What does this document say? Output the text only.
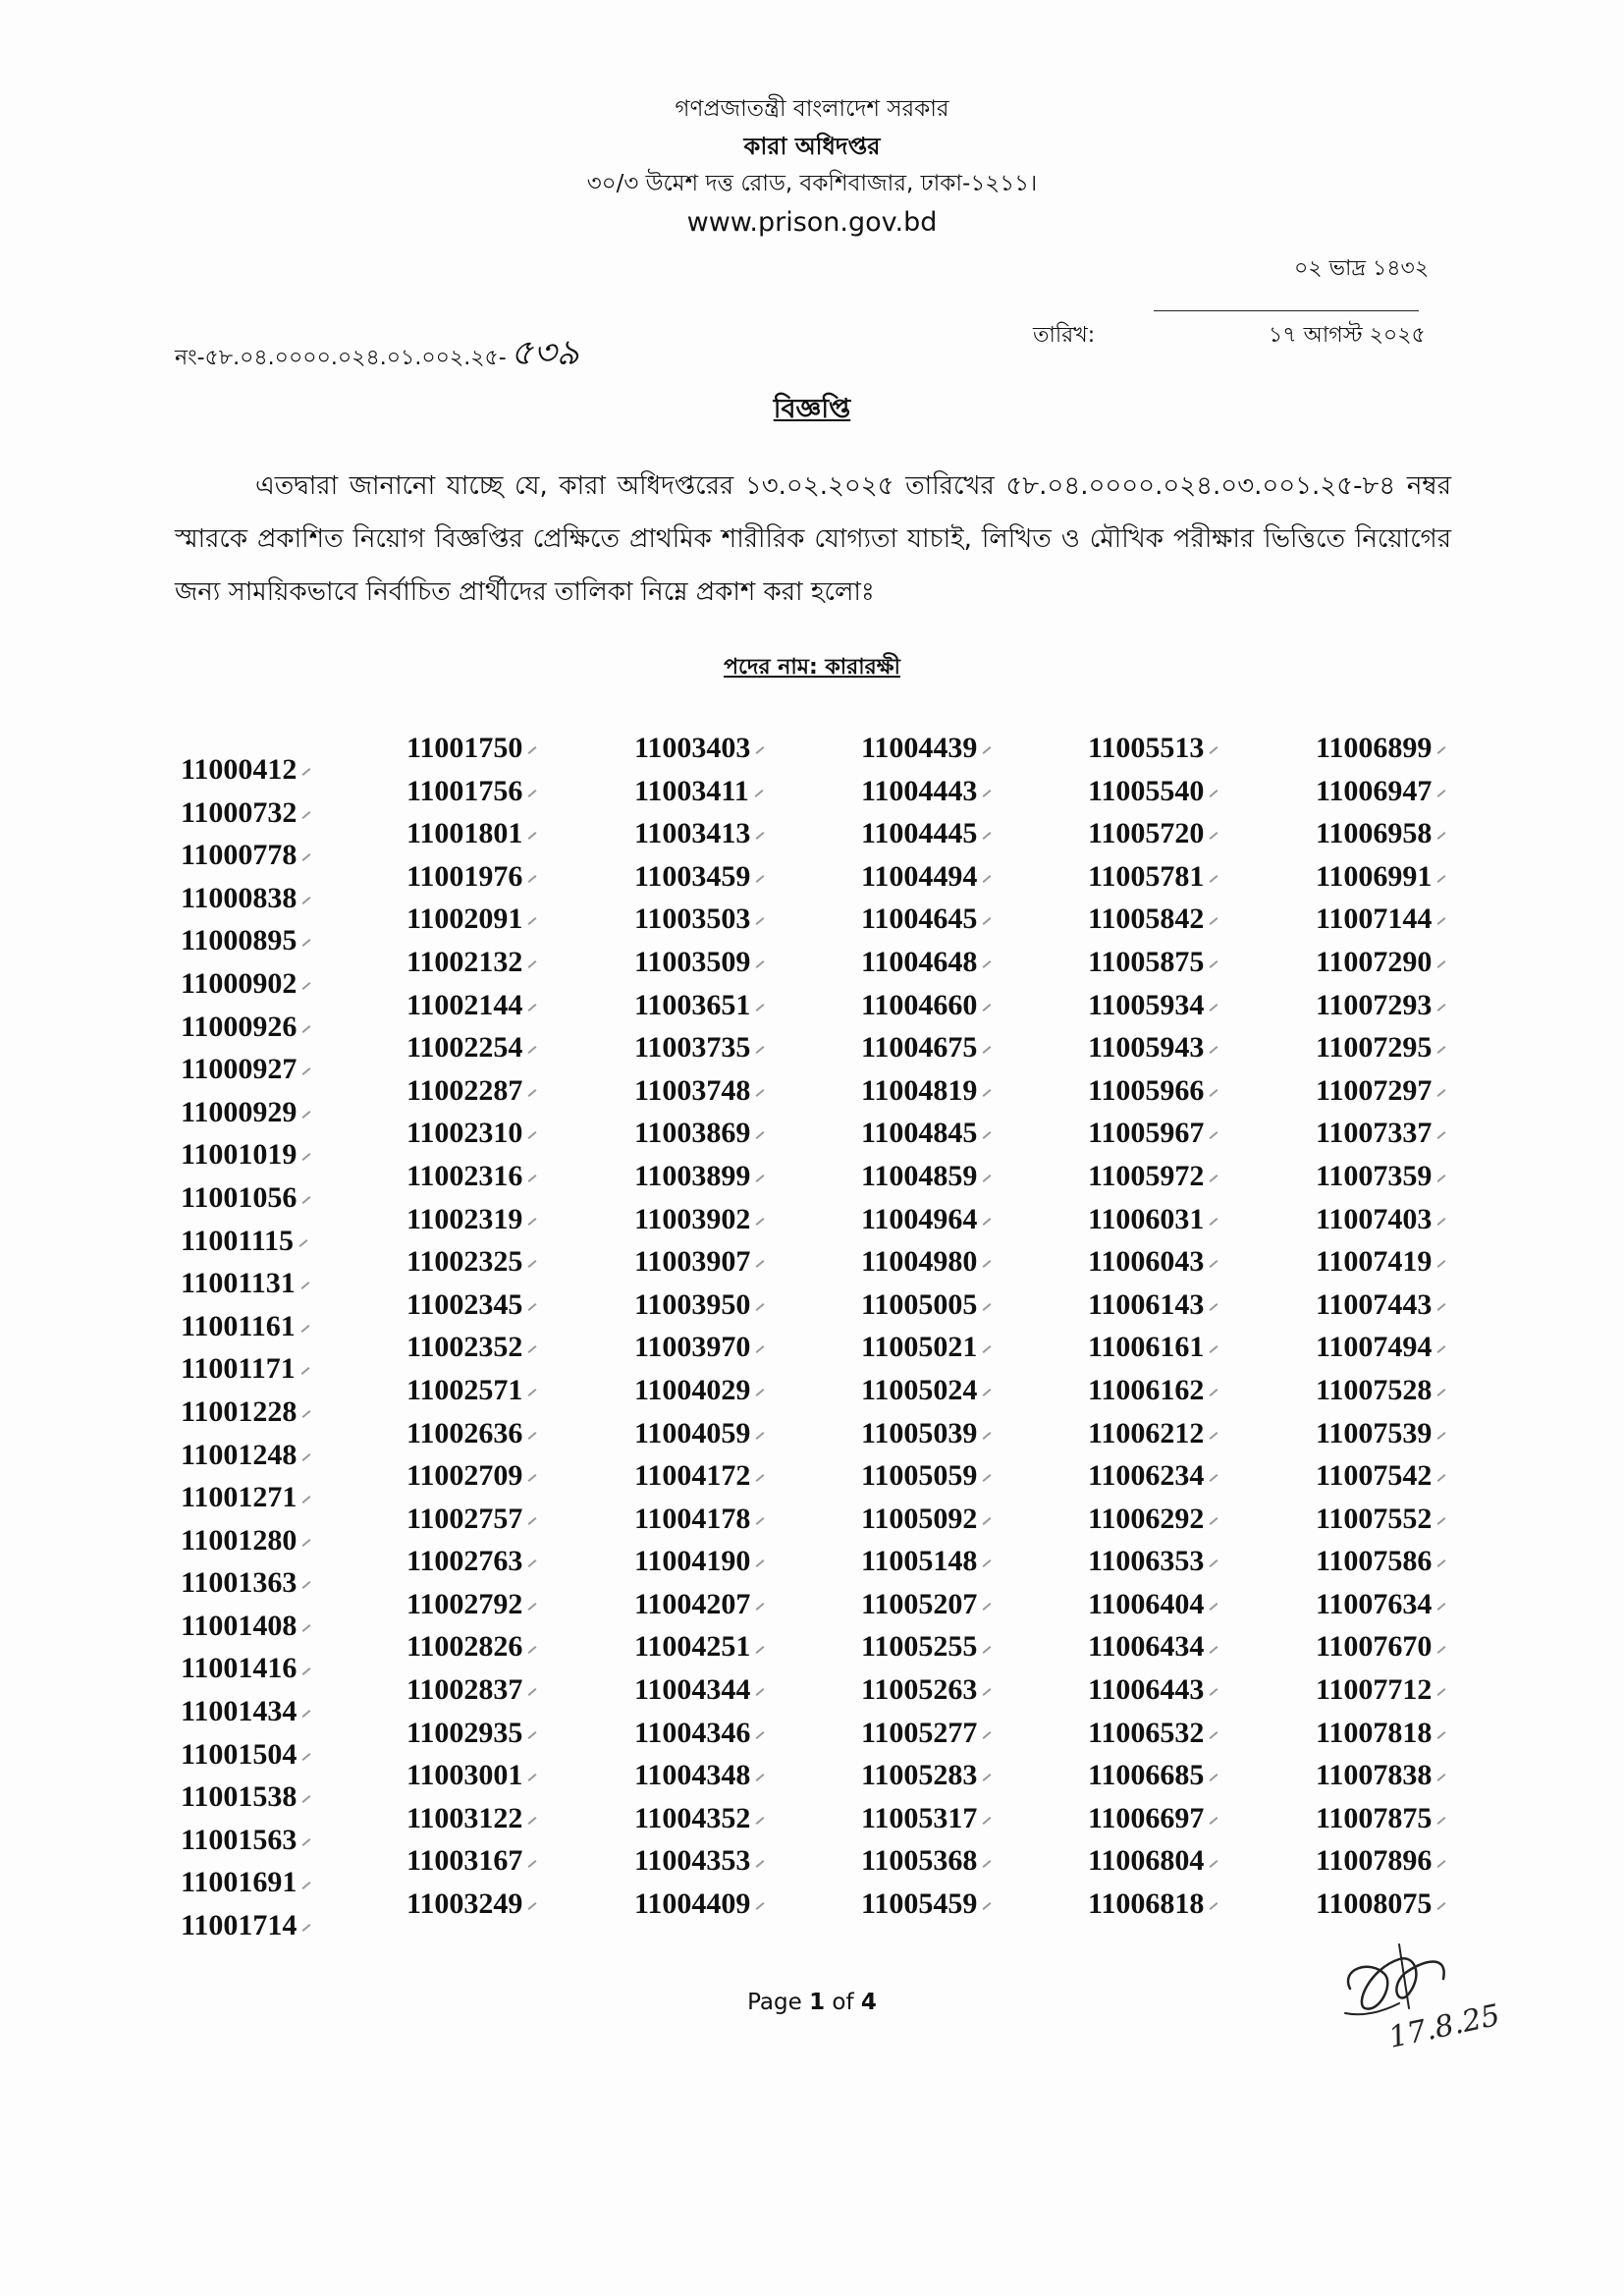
গণপ্রজাতন্ত্রী বাংলাদেশ সরকার
কারা অধিদপ্তর
৩০/৩ উমেশ দত্ত রোড, বকশিবাজার, ঢাকা-১২১১।
www.prison.gov.bd
০২ ভাদ্র ১৪৩২
নং-৫৮.০৪.০০০০.০২৪.০১.০০২.২৫- ৫৩৯	তারিখ:	১৭ আগস্ট ২০২৫
বিজ্ঞপ্তি
এতদ্বারা জানানো যাচ্ছে যে, কারা অধিদপ্তরের ১৩.০২.২০২৫ তারিখের ৫৮.০৪.০০০০.০২৪.০৩.০০১.২৫-৮৪ নম্বর স্মারকে প্রকাশিত নিয়োগ বিজ্ঞপ্তির প্রেক্ষিতে প্রাথমিক শারীরিক যোগ্যতা যাচাই, লিখিত ও মৌখিক পরীক্ষার ভিত্তিতে নিয়োগের জন্য সাময়িকভাবে নির্বাচিত প্রার্থীদের তালিকা নিম্নে প্রকাশ করা হলোঃ
পদের নাম: কারারক্ষী
11000412
11000732
11000778
11000838
11000895
11000902
11000926
11000927
11000929
11001019
11001056
11001115
11001131
11001161
11001171
11001228
11001248
11001271
11001280
11001363
11001408
11001416
11001434
11001504
11001538
11001563
11001691
11001714
11001750
11001756
11001801
11001976
11002091
11002132
11002144
11002254
11002287
11002310
11002316
11002319
11002325
11002345
11002352
11002571
11002636
11002709
11002757
11002763
11002792
11002826
11002837
11002935
11003001
11003122
11003167
11003249
11003403
11003411
11003413
11003459
11003503
11003509
11003651
11003735
11003748
11003869
11003899
11003902
11003907
11003950
11003970
11004029
11004059
11004172
11004178
11004190
11004207
11004251
11004344
11004346
11004348
11004352
11004353
11004409
11004439
11004443
11004445
11004494
11004645
11004648
11004660
11004675
11004819
11004845
11004859
11004964
11004980
11005005
11005021
11005024
11005039
11005059
11005092
11005148
11005207
11005255
11005263
11005277
11005283
11005317
11005368
11005459
11005513
11005540
11005720
11005781
11005842
11005875
11005934
11005943
11005966
11005967
11005972
11006031
11006043
11006143
11006161
11006162
11006212
11006234
11006292
11006353
11006404
11006434
11006443
11006532
11006685
11006697
11006804
11006818
11006899
11006947
11006958
11006991
11007144
11007290
11007293
11007295
11007297
11007337
11007359
11007403
11007419
11007443
11007494
11007528
11007539
11007542
11007552
11007586
11007634
11007670
11007712
11007818
11007838
11007875
11007896
11008075
Page 1 of 4	17.8.25
